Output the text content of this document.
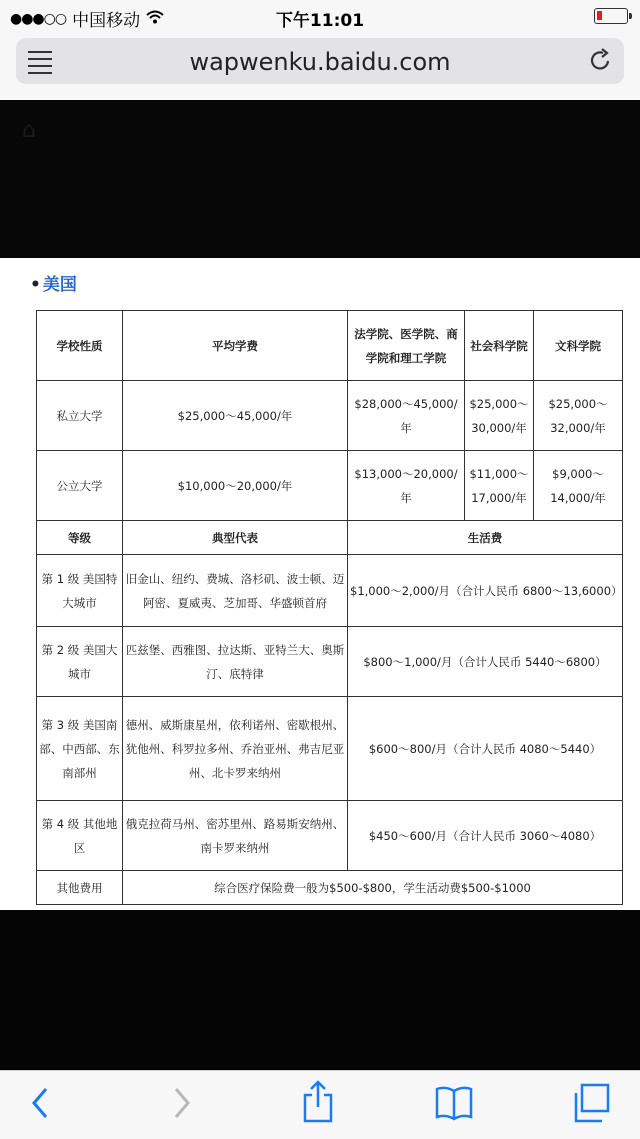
●●●○○ 中国移动	下午11:01
wapwenku.baidu.com
⌂
• 美国
学校性质	平均学费	法学院、医学院、商学院和理工学院	社会科学院	文科学院
私立大学	$25,000～45,000/年	$28,000～45,000/年	$25,000～30,000/年	$25,000～32,000/年
公立大学	$10,000～20,000/年	$13,000～20,000/年	$11,000～17,000/年	$9,000～14,000/年
等级	典型代表	生活费		
第 1 级 美国特大城市	旧金山、纽约、费城、洛杉矶、波士顿、迈阿密、夏威夷、芝加哥、华盛顿首府	$1,000～2,000/月（合计人民币 6800～13,6000）		
第 2 级 美国大城市	匹兹堡、西雅图、拉达斯、亚特兰大、奥斯汀、底特律	$800～1,000/月（合计人民币 5440～6800）		
第 3 级 美国南部、中西部、东南部州	德州、威斯康星州，依利诺州、密歇根州、犹他州、科罗拉多州、乔治亚州、弗吉尼亚州、北卡罗来纳州	$600～800/月（合计人民币 4080～5440）		
第 4 级 其他地区	俄克拉荷马州、密苏里州、路易斯安纳州、南卡罗来纳州	$450～600/月（合计人民币 3060～4080）		
其他费用	综合医疗保险费一般为$500-$800，学生活动费$500-$1000			
